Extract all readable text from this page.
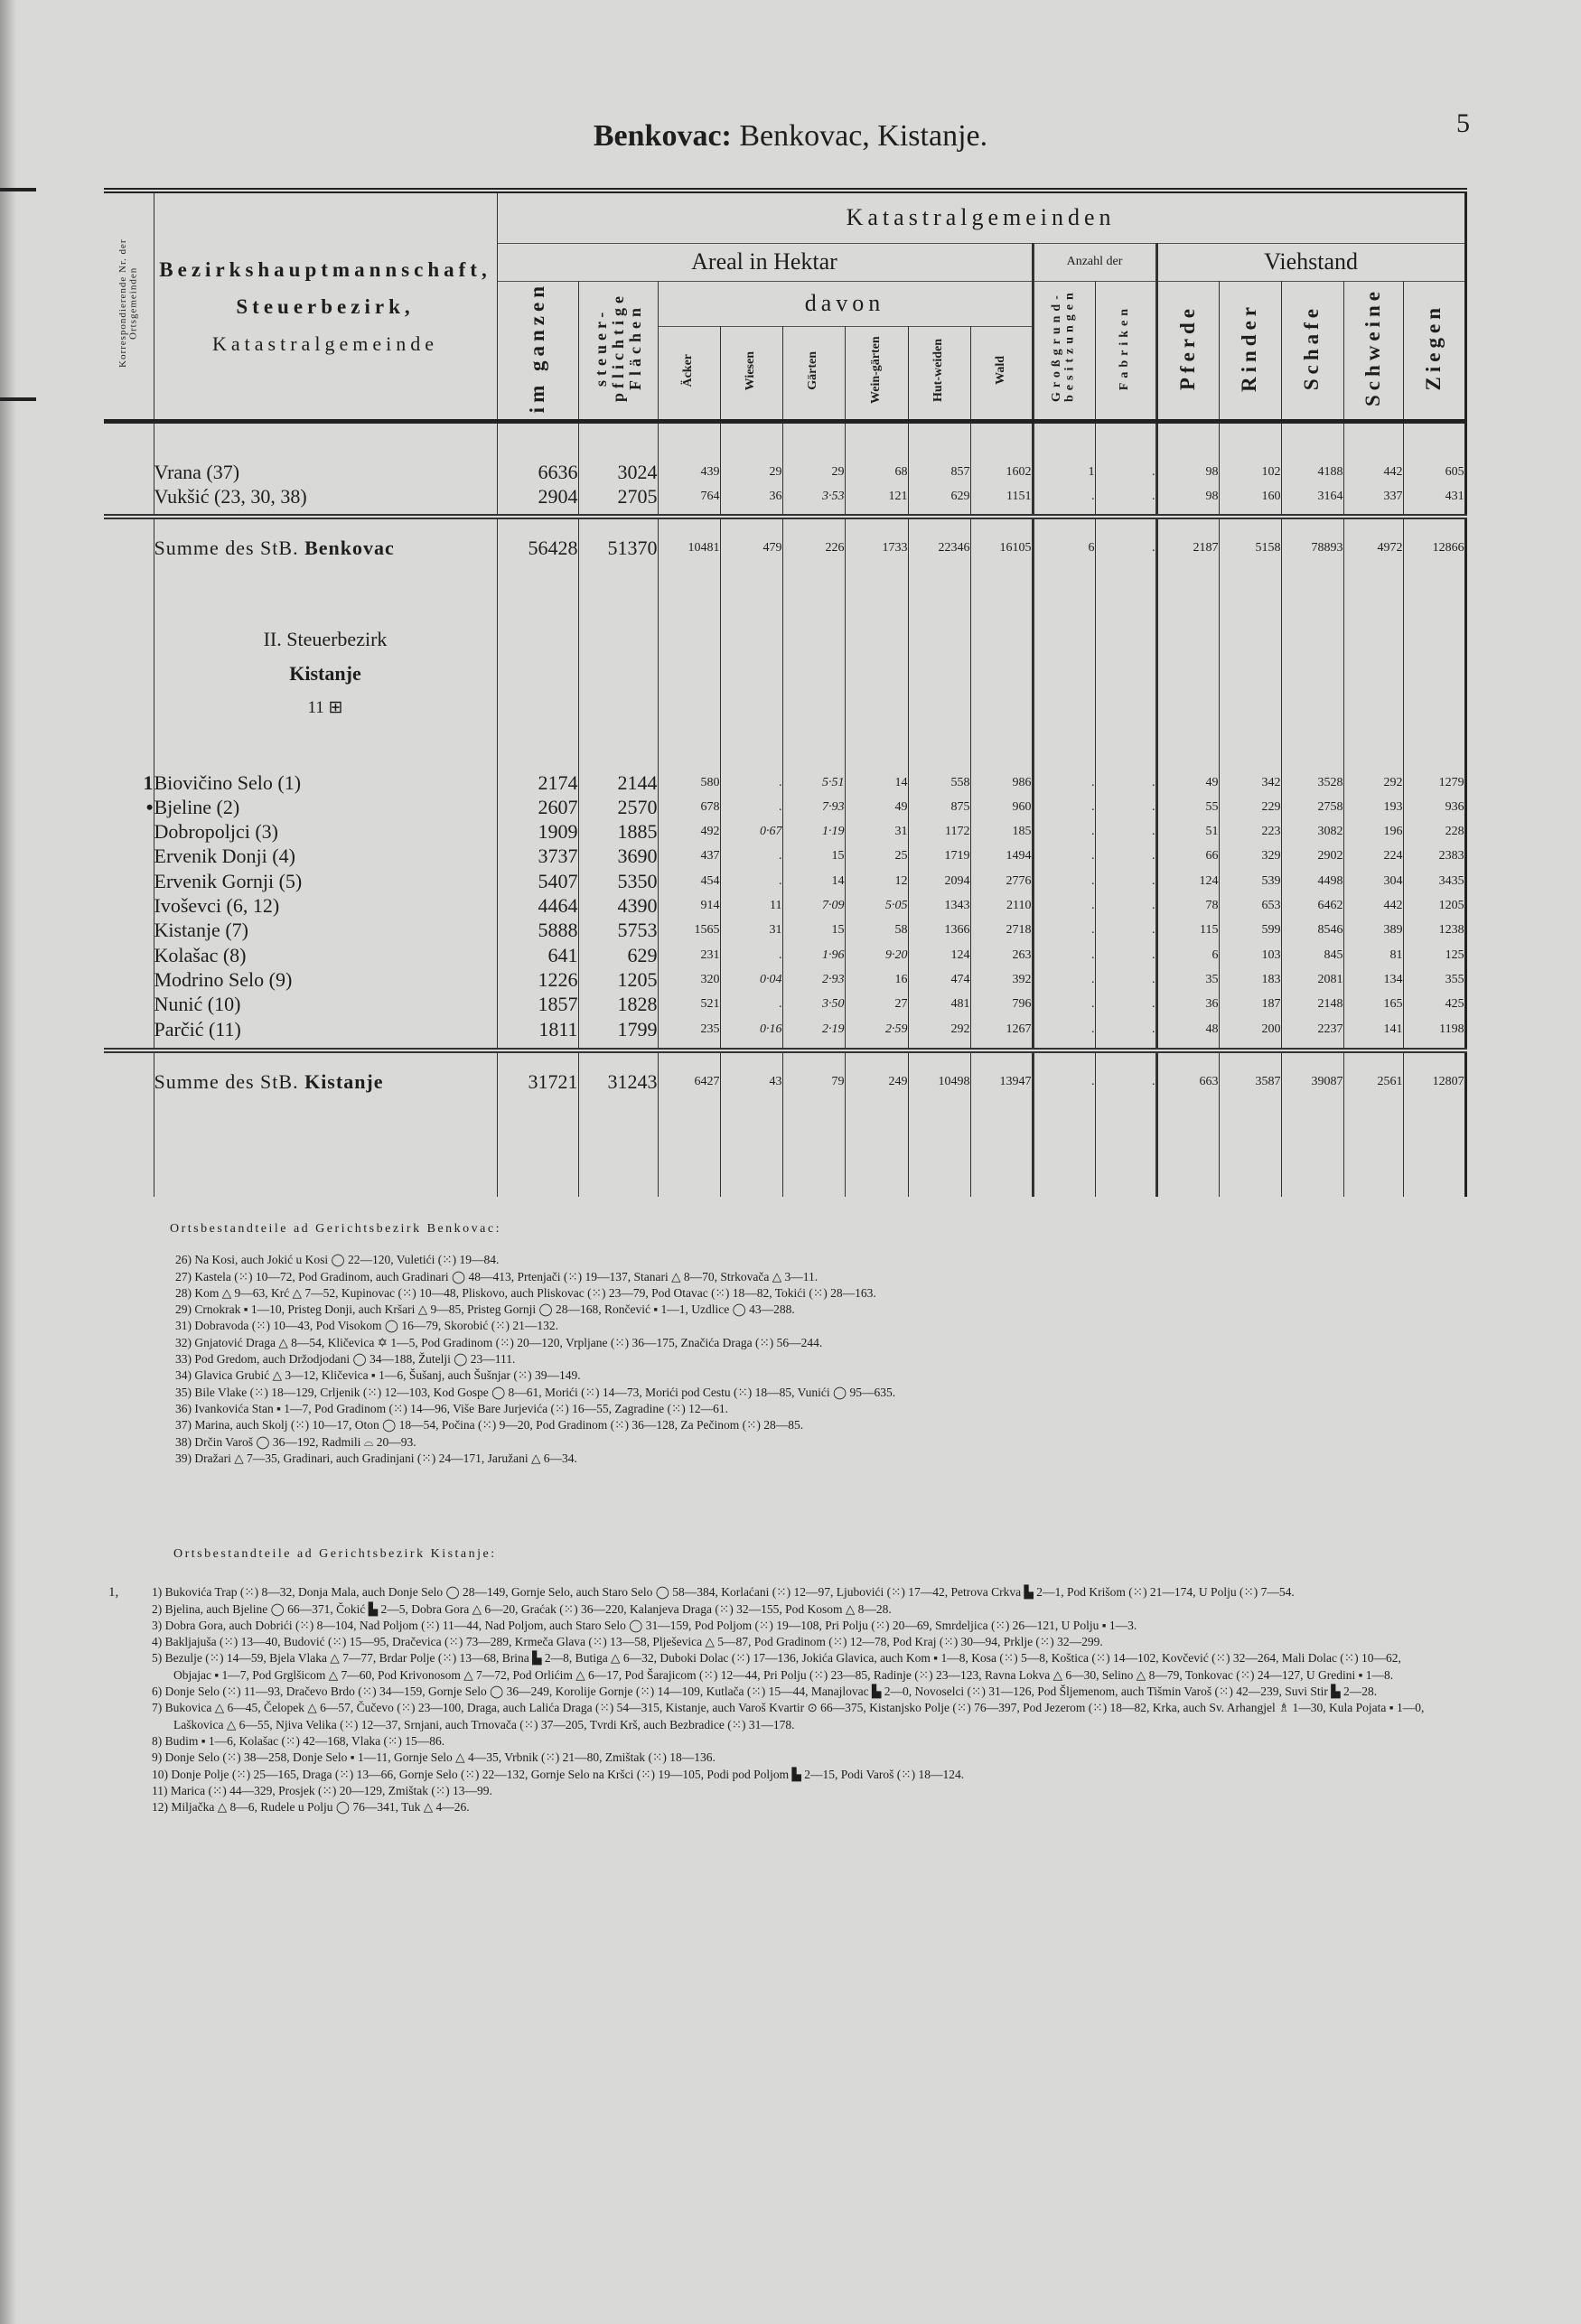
Benkovac: Benkovac, Kistanje.	5
Korrespondierende Nr. der Ortsgemeinden	Bezirkshauptmannschaft,
Steuerbezirk,
Katastralgemeinde	Katastralgemeinden														
		Areal in Hektar								Anzahl der		Viehstand				
		im ganzen	steuer-pflichtige Flächen	davon						Großgrund-besitzungen	Fabriken	Pferde	Rinder	Schafe	Schweine	Ziegen
				Äcker	Wiesen	Gärten	Wein-gärten	Hut-weiden	Wald							

	Vrana (37)	6636	3024	439	29	29	68	857	1602	1	.	98	102	4188	442	605
	Vukšić (23, 30, 38)	2904	2705	764	36	3·53	121	629	1151	.	.	98	160	3164	337	431

	Summe des StB. Benkovac	56428	51370	10481	479	226	1733	22346	16105	6	.	2187	5158	78893	4972	12866

	II. Steuerbezirk
Kistanje
11 ⊞															

1	Biovičino Selo (1)	2174	2144	580	.	5·51	14	558	986	.	.	49	342	3528	292	1279
•	Bjeline (2)	2607	2570	678	.	7·93	49	875	960	.	.	55	229	2758	193	936
	Dobropoljci (3)	1909	1885	492	0·67	1·19	31	1172	185	.	.	51	223	3082	196	228
	Ervenik Donji (4)	3737	3690	437	.	15	25	1719	1494	.	.	66	329	2902	224	2383
	Ervenik Gornji (5)	5407	5350	454	.	14	12	2094	2776	.	.	124	539	4498	304	3435
	Ivoševci (6, 12)	4464	4390	914	11	7·09	5·05	1343	2110	.	.	78	653	6462	442	1205
	Kistanje (7)	5888	5753	1565	31	15	58	1366	2718	.	.	115	599	8546	389	1238
	Kolašac (8)	641	629	231	.	1·96	9·20	124	263	.	.	6	103	845	81	125
	Modrino Selo (9)	1226	1205	320	0·04	2·93	16	474	392	.	.	35	183	2081	134	355
	Nunić (10)	1857	1828	521	.	3·50	27	481	796	.	.	36	187	2148	165	425
	Parčić (11)	1811	1799	235	0·16	2·19	2·59	292	1267	.	.	48	200	2237	141	1198

	Summe des StB. Kistanje	31721	31243	6427	43	79	249	10498	13947	.	.	663	3587	39087	2561	12807

Ortsbestandteile ad Gerichtsbezirk Benkovac:
26) Na Kosi, auch Jokić u Kosi ◯ 22—120, Vuletići (⁙) 19—84.
27) Kastela (⁙) 10—72, Pod Gradinom, auch Gradinari ◯ 48—413, Prtenjači (⁙) 19—137, Stanari △ 8—70, Strkovača △ 3—11.
28) Kom △ 9—63, Krć △ 7—52, Kupinovac (⁙) 10—48, Pliskovo, auch Pliskovac (⁙) 23—79, Pod Otavac (⁙) 18—82, Tokići (⁙) 28—163.
29) Crnokrak ▪ 1—10, Pristeg Donji, auch Kršari △ 9—85, Pristeg Gornji ◯ 28—168, Rončević ▪ 1—1, Uzdlice ◯ 43—288.
31) Dobravoda (⁙) 10—43, Pod Visokom ◯ 16—79, Skorobić (⁙) 21—132.
32) Gnjatović Draga △ 8—54, Kličevica ✡ 1—5, Pod Gradinom (⁙) 20—120, Vrpljane (⁙) 36—175, Značića Draga (⁙) 56—244.
33) Pod Gredom, auch Držodjodani ◯ 34—188, Žutelji ◯ 23—111.
34) Glavica Grubić △ 3—12, Kličevica ▪ 1—6, Šušanj, auch Šušnjar (⁙) 39—149.
35) Bile Vlake (⁙) 18—129, Crljenik (⁙) 12—103, Kod Gospe ◯ 8—61, Morići (⁙) 14—73, Morići pod Cestu (⁙) 18—85, Vunići ◯ 95—635.
36) Ivankovića Stan ▪ 1—7, Pod Gradinom (⁙) 14—96, Više Bare Jurjevića (⁙) 16—55, Zagradine (⁙) 12—61.
37) Marina, auch Skolj (⁙) 10—17, Oton ◯ 18—54, Počina (⁙) 9—20, Pod Gradinom (⁙) 36—128, Za Pečinom (⁙) 28—85.
38) Drčin Varoš ◯ 36—192, Radmili ⌓ 20—93.
39) Dražari △ 7—35, Gradinari, auch Gradinjani (⁙) 24—171, Jaružani △ 6—34.
Ortsbestandteile ad Gerichtsbezirk Kistanje:
1,	1) Bukovića Trap (⁙) 8—32, Donja Mala, auch Donje Selo ◯ 28—149, Gornje Selo, auch Staro Selo ◯ 58—384, Korlaćani (⁙) 12—97, Ljubovići (⁙) 17—42, Petrova Crkva ▙ 2—1, Pod Krišom (⁙) 21—174, U Polju (⁙) 7—54.
2) Bjelina, auch Bjeline ◯ 66—371, Čokić ▙ 2—5, Dobra Gora △ 6—20, Graćak (⁙) 36—220, Kalanjeva Draga (⁙) 32—155, Pod Kosom △ 8—28.
3) Dobra Gora, auch Dobrići (⁙) 8—104, Nad Poljom (⁙) 11—44, Nad Poljom, auch Staro Selo ◯ 31—159, Pod Poljom (⁙) 19—108, Pri Polju (⁙) 20—69, Smrdeljica (⁙) 26—121, U Polju ▪ 1—3.
4) Bakljajuša (⁙) 13—40, Budović (⁙) 15—95, Dračevica (⁙) 73—289, Krmeča Glava (⁙) 13—58, Plješevica △ 5—87, Pod Gradinom (⁙) 12—78, Pod Kraj (⁙) 30—94, Prklje (⁙) 32—299.
5) Bezulje (⁙) 14—59, Bjela Vlaka △ 7—77, Brdar Polje (⁙) 13—68, Brina ▙ 2—8, Butiga △ 6—32, Duboki Dolac (⁙) 17—136, Jokića Glavica, auch Kom ▪ 1—8, Kosa (⁙) 5—8, Koštica (⁙) 14—102, Kovčević (⁙) 32—264, Mali Dolac (⁙) 10—62, Objajac ▪ 1—7, Pod Grglšicom △ 7—60, Pod Krivonosom △ 7—72, Pod Orlićim △ 6—17, Pod Šarajicom (⁙) 12—44, Pri Polju (⁙) 23—85, Radinje (⁙) 23—123, Ravna Lokva △ 6—30, Selino △ 8—79, Tonkovac (⁙) 24—127, U Gredini ▪ 1—8.
6) Donje Selo (⁙) 11—93, Dračevo Brdo (⁙) 34—159, Gornje Selo ◯ 36—249, Korolije Gornje (⁙) 14—109, Kutlača (⁙) 15—44, Manajlovac ▙ 2—0, Novoselci (⁙) 31—126, Pod Šljemenom, auch Tišmin Varoš (⁙) 42—239, Suvi Stir ▙ 2—28.
7) Bukovica △ 6—45, Čelopek △ 6—57, Čučevo (⁙) 23—100, Draga, auch Lalića Draga (⁙) 54—315, Kistanje, auch Varoš Kvartir ⊙ 66—375, Kistanjsko Polje (⁙) 76—397, Pod Jezerom (⁙) 18—82, Krka, auch Sv. Arhangjel ♗ 1—30, Kula Pojata ▪ 1—0, Laškovica △ 6—55, Njiva Velika (⁙) 12—37, Srnjani, auch Trnovača (⁙) 37—205, Tvrdi Krš, auch Bezbradice (⁙) 31—178.
8) Budim ▪ 1—6, Kolašac (⁙) 42—168, Vlaka (⁙) 15—86.
9) Donje Selo (⁙) 38—258, Donje Selo ▪ 1—11, Gornje Selo △ 4—35, Vrbnik (⁙) 21—80, Zmištak (⁙) 18—136.
10) Donje Polje (⁙) 25—165, Draga (⁙) 13—66, Gornje Selo (⁙) 22—132, Gornje Selo na Kršci (⁙) 19—105, Podi pod Poljom ▙ 2—15, Podi Varoš (⁙) 18—124.
11) Marica (⁙) 44—329, Prosjek (⁙) 20—129, Zmištak (⁙) 13—99.
12) Miljačka △ 8—6, Rudele u Polju ◯ 76—341, Tuk △ 4—26.
